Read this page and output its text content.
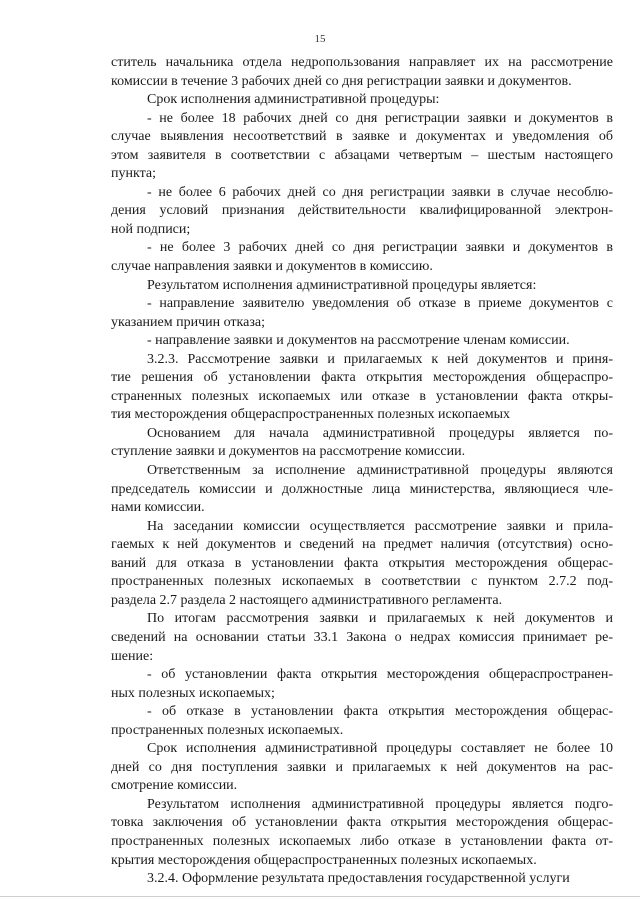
15
ститель начальника отдела недропользования направляет их на рассмотрение
комиссии в течение 3 рабочих дней со дня регистрации заявки и документов.
Срок исполнения административной процедуры:
- не более 18 рабочих дней со дня регистрации заявки и документов в
случае выявления несоответствий в заявке и документах и уведомления об
этом заявителя в соответствии с абзацами четвертым – шестым настоящего
пункта;
- не более 6 рабочих дней со дня регистрации заявки в случае несоблю-
дения условий признания действительности квалифицированной электрон-
ной подписи;
- не более 3 рабочих дней со дня регистрации заявки и документов в
случае направления заявки и документов в комиссию.
Результатом исполнения административной процедуры является:
- направление заявителю уведомления об отказе в приеме документов с
указанием причин отказа;
- направление заявки и документов на рассмотрение членам комиссии.
3.2.3. Рассмотрение заявки и прилагаемых к ней документов и приня-
тие решения об установлении факта открытия месторождения общераспро-
страненных полезных ископаемых или отказе в установлении факта откры-
тия месторождения общераспространенных полезных ископаемых
Основанием для начала административной процедуры является по-
ступление заявки и документов на рассмотрение комиссии.
Ответственным за исполнение административной процедуры являются
председатель комиссии и должностные лица министерства, являющиеся чле-
нами комиссии.
На заседании комиссии осуществляется рассмотрение заявки и прила-
гаемых к ней документов и сведений на предмет наличия (отсутствия) осно-
ваний для отказа в установлении факта открытия месторождения общерас-
пространенных полезных ископаемых в соответствии с пунктом 2.7.2 под-
раздела 2.7 раздела 2 настоящего административного регламента.
По итогам рассмотрения заявки и прилагаемых к ней документов и
сведений на основании статьи 33.1 Закона о недрах комиссия принимает ре-
шение:
- об установлении факта открытия месторождения общераспространен-
ных полезных ископаемых;
- об отказе в установлении факта открытия месторождения общерас-
пространенных полезных ископаемых.
Срок исполнения административной процедуры составляет не более 10
дней со дня поступления заявки и прилагаемых к ней документов на рас-
смотрение комиссии.
Результатом исполнения административной процедуры является подго-
товка заключения об установлении факта открытия месторождения общерас-
пространенных полезных ископаемых либо отказе в установлении факта от-
крытия месторождения общераспространенных полезных ископаемых.
3.2.4. Оформление результата предоставления государственной услуги
